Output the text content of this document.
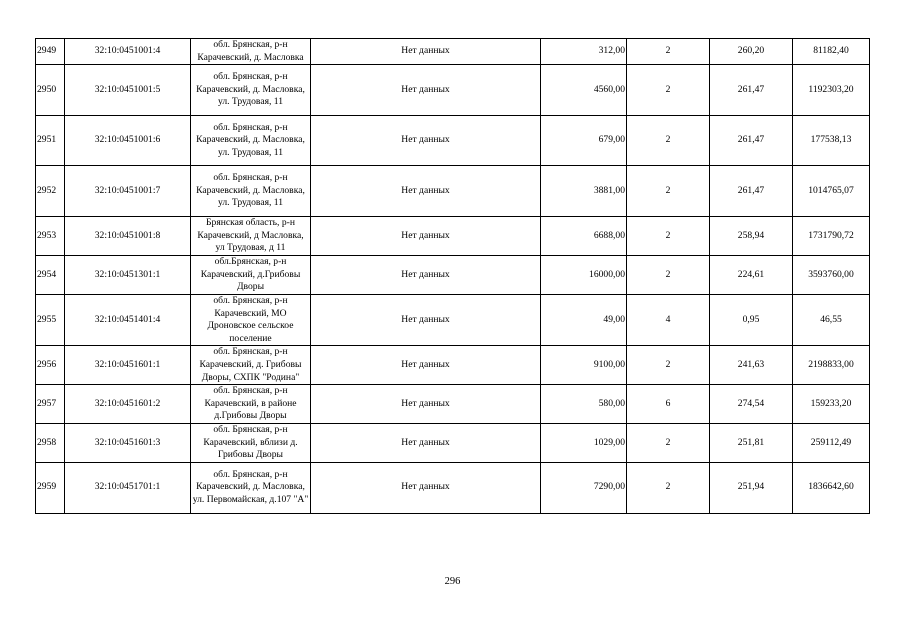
2949	32:10:0451001:4	обл. Брянская, р-н Карачевский, д. Масловка	Нет данных	312,00	2	260,20	81182,40
2950	32:10:0451001:5	обл. Брянская, р-н Карачевский, д. Масловка, ул. Трудовая, 11	Нет данных	4560,00	2	261,47	1192303,20
2951	32:10:0451001:6	обл. Брянская, р-н Карачевский, д. Масловка, ул. Трудовая, 11	Нет данных	679,00	2	261,47	177538,13
2952	32:10:0451001:7	обл. Брянская, р-н Карачевский, д. Масловка, ул. Трудовая, 11	Нет данных	3881,00	2	261,47	1014765,07
2953	32:10:0451001:8	Брянская область, р-н Карачевский, д Масловка, ул Трудовая, д 11	Нет данных	6688,00	2	258,94	1731790,72
2954	32:10:0451301:1	обл.Брянская, р-н Карачевский, д.Грибовы Дворы	Нет данных	16000,00	2	224,61	3593760,00
2955	32:10:0451401:4	обл. Брянская, р-н Карачевский, МО Дроновское сельское поселение	Нет данных	49,00	4	0,95	46,55
2956	32:10:0451601:1	обл. Брянская, р-н Карачевский, д. Грибовы Дворы, СХПК "Родина"	Нет данных	9100,00	2	241,63	2198833,00
2957	32:10:0451601:2	обл. Брянская, р-н Карачевский, в районе д.Грибовы Дворы	Нет данных	580,00	6	274,54	159233,20
2958	32:10:0451601:3	обл. Брянская, р-н Карачевский, вблизи д. Грибовы Дворы	Нет данных	1029,00	2	251,81	259112,49
2959	32:10:0451701:1	обл. Брянская, р-н Карачевский, д. Масловка, ул. Первомайская, д.107 "А"	Нет данных	7290,00	2	251,94	1836642,60
296
